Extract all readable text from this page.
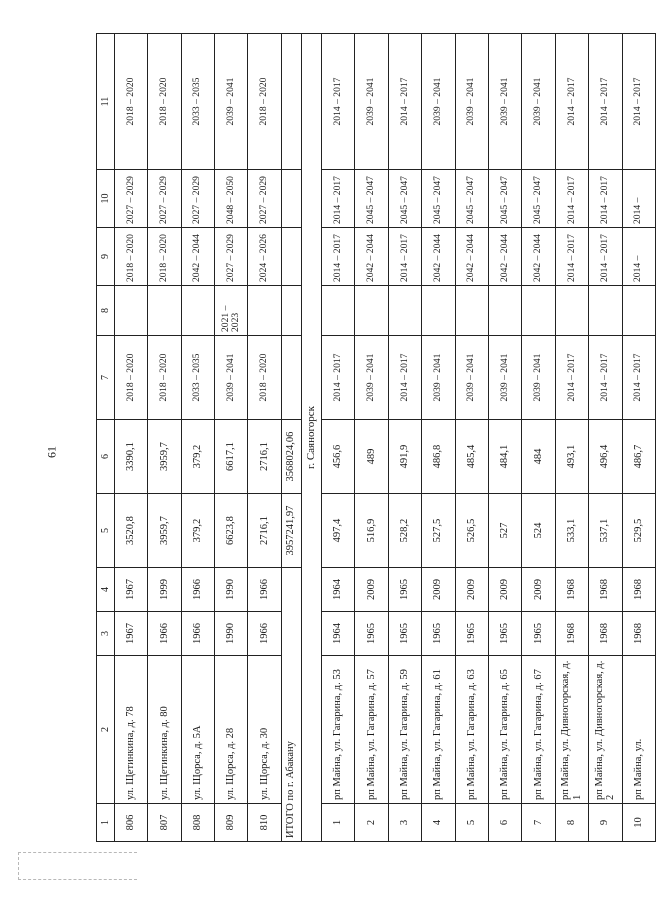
61
1	2	3	4	5	6	7	8	9	10	11
806	ул. Щетинкина, д. 78	1967	1967	3520,8	3390,1	2018 – 2020		2018 – 2020	2027 – 2029	2018 – 2020
807	ул. Щетинкина, д. 80	1966	1999	3959,7	3959,7	2018 – 2020		2018 – 2020	2027 – 2029	2018 – 2020
808	ул. Щорса, д. 5А	1966	1966	379,2	379,2	2033 – 2035		2042 – 2044	2027 – 2029	2033 – 2035
809	ул. Щорса, д. 28	1990	1990	6623,8	6617,1	2039 – 2041	2021 – 2023	2027 – 2029	2048 – 2050	2039 – 2041
810	ул. Щорса, д. 30	1966	1966	2716,1	2716,1	2018 – 2020		2024 – 2026	2027 – 2029	2018 – 2020
ИТОГО по г. Абакану				3957241,97	3568024,06					
г. Саяногорск										
1	рп Майна, ул. Гагарина, д. 53	1964	1964	497,4	456,6	2014 – 2017		2014 – 2017	2014 – 2017	2014 – 2017
2	рп Майна, ул. Гагарина, д. 57	1965	2009	516,9	489	2039 – 2041		2042 – 2044	2045 – 2047	2039 – 2041
3	рп Майна, ул. Гагарина, д. 59	1965	1965	528,2	491,9	2014 – 2017		2014 – 2017	2045 – 2047	2014 – 2017
4	рп Майна, ул. Гагарина, д. 61	1965	2009	527,5	486,8	2039 – 2041		2042 – 2044	2045 – 2047	2039 – 2041
5	рп Майна, ул. Гагарина, д. 63	1965	2009	526,5	485,4	2039 – 2041		2042 – 2044	2045 – 2047	2039 – 2041
6	рп Майна, ул. Гагарина, д. 65	1965	2009	527	484,1	2039 – 2041		2042 – 2044	2045 – 2047	2039 – 2041
7	рп Майна, ул. Гагарина, д. 67	1965	2009	524	484	2039 – 2041		2042 – 2044	2045 – 2047	2039 – 2041
8	рп Майна, ул. Дивногорская, д. 1	1968	1968	533,1	493,1	2014 – 2017		2014 – 2017	2014 – 2017	2014 – 2017
9	рп Майна, ул. Дивногорская, д. 2	1968	1968	537,1	496,4	2014 – 2017		2014 – 2017	2014 – 2017	2014 – 2017
10	рп Майна, ул.	1968	1968	529,5	486,7	2014 – 2017		2014 –	2014 –	2014 – 2017
